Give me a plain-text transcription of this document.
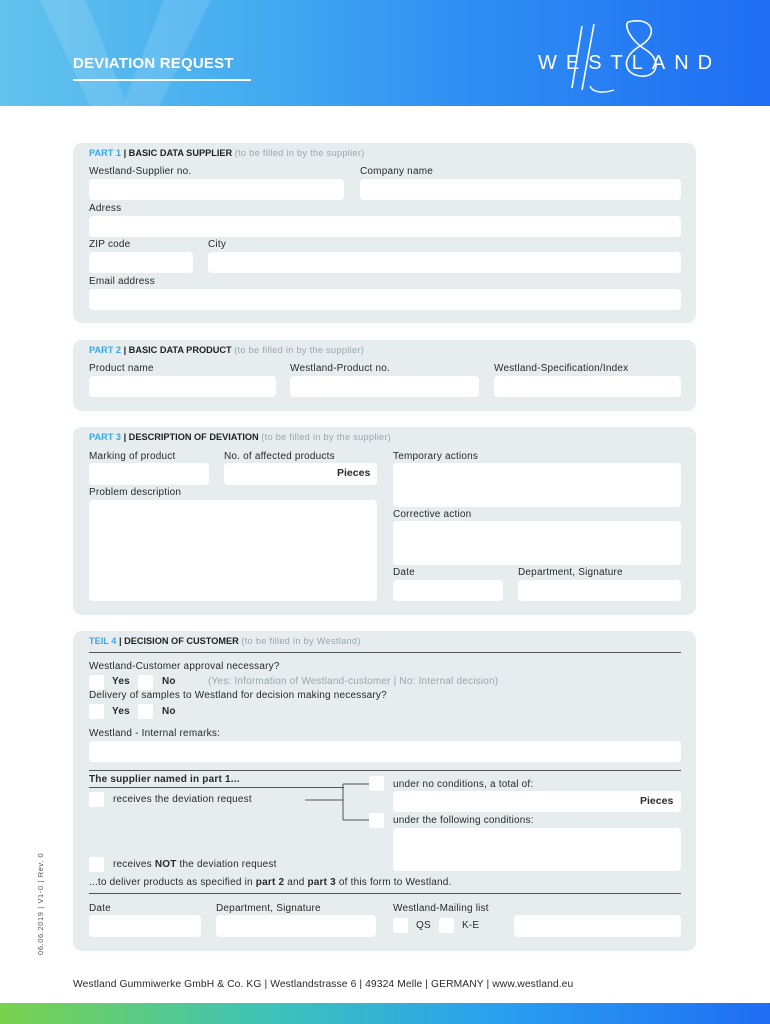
DEVIATION REQUEST	WESTLAND
PART 1 | BASIC DATA SUPPLIER (to be filled in by the supplier)
Westland-Supplier no.	Company name
Adress
ZIP code	City
Email address
PART 2 | BASIC DATA PRODUCT (to be filled in by the supplier)
Product name	Westland-Product no.	Westland-Specification/Index
PART 3 | DESCRIPTION OF DEVIATION (to be filled in by the supplier)
Marking of product	No. of affected products	Temporary actions
Pieces
Problem description
Corrective action
Date	Department, Signature
TEIL 4 | DECISION OF CUSTOMER (to be filled in by Westland)
Westland-Customer approval necessary?
Yes	No	(Yes: Information of Westland-customer | No: Internal decision)
Delivery of samples to Westland for decision making necessary?
Yes	No
Westland - Internal remarks:
The supplier named in part 1...
receives the deviation request
under no conditions, a total of:
Pieces
under the following conditions:
receives NOT the deviation request
...to deliver products as specified in part 2 and part 3 of this form to Westland.
Date	Department, Signature	Westland-Mailing list
QS	K-E
06.06.2019 | V1-0 | Rev. 0
Westland Gummiwerke GmbH & Co. KG | Westlandstrasse 6 | 49324 Melle | GERMANY | www.westland.eu
